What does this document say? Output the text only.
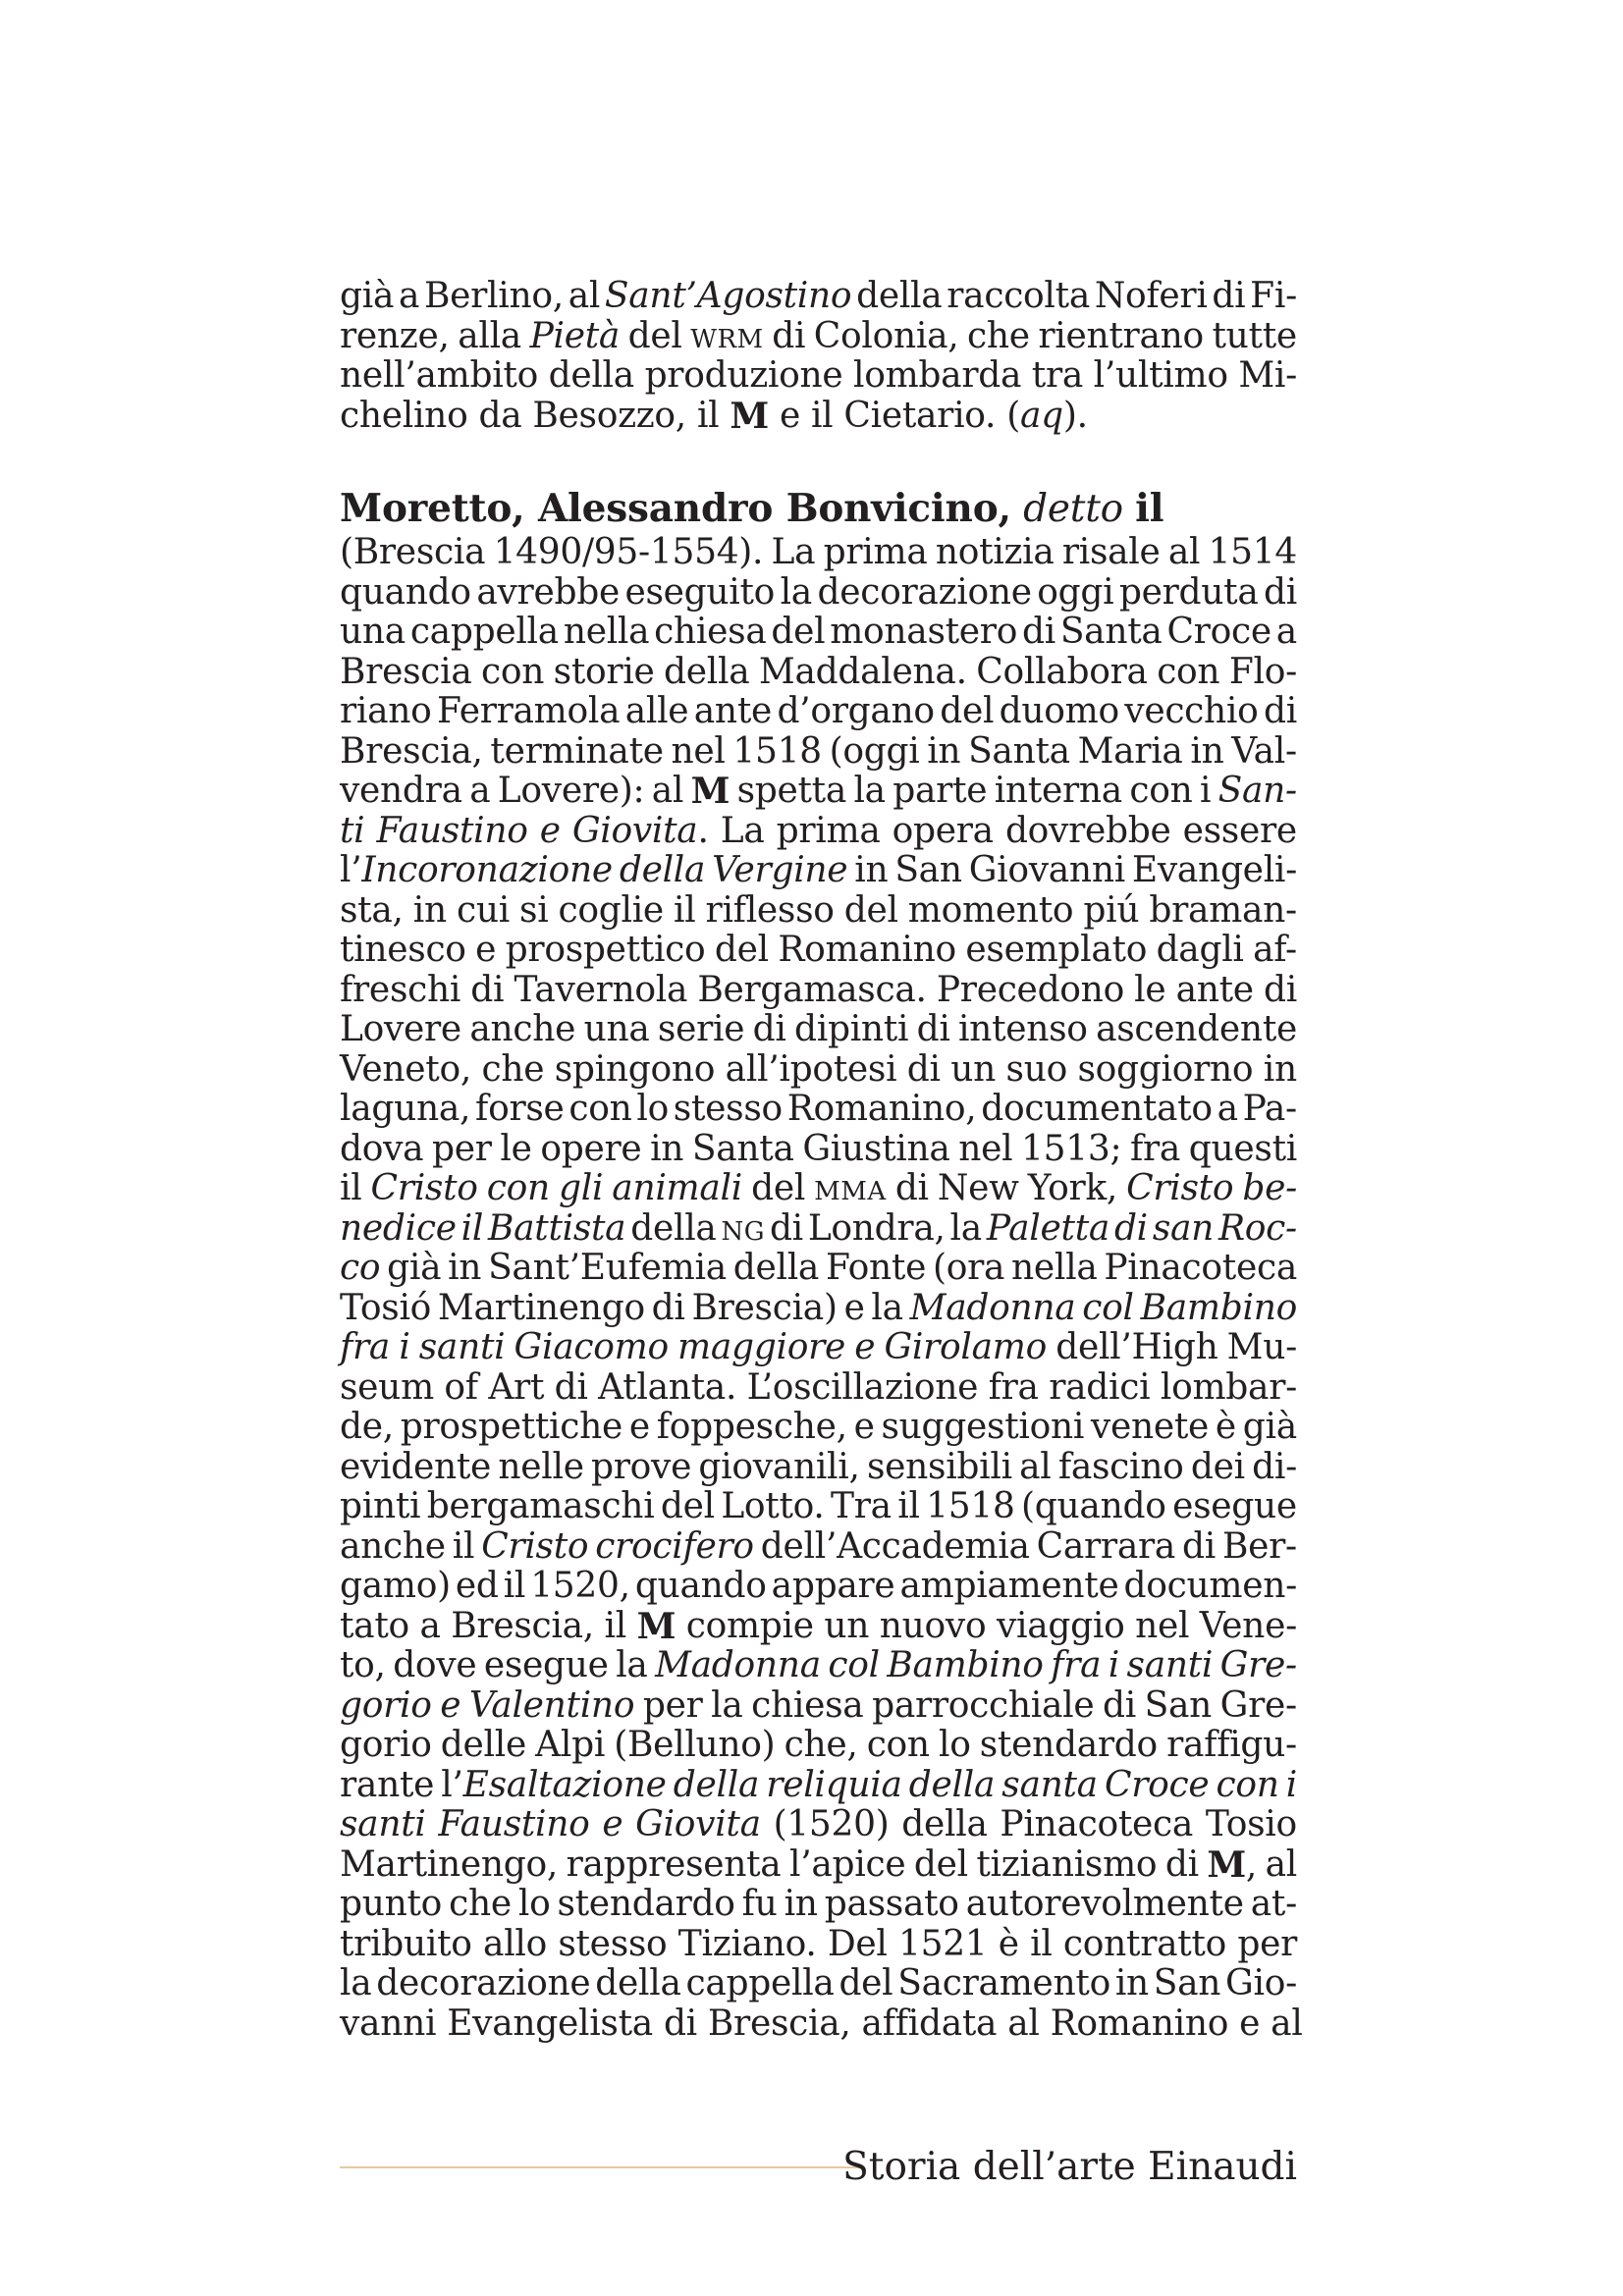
già a Berlino, al Sant’Agostino della raccolta Noferi di Fi-
renze, alla Pietà del WRM di Colonia, che rientrano tutte
nell’ambito della produzione lombarda tra l’ultimo Mi-
chelino da Besozzo, il M e il Cietario. (aq).
Moretto, Alessandro Bonvicino, detto il
(Brescia 1490/95-1554). La prima notizia risale al 1514
quando avrebbe eseguito la decorazione oggi perduta di
una cappella nella chiesa del monastero di Santa Croce a
Brescia con storie della Maddalena. Collabora con Flo-
riano Ferramola alle ante d’organo del duomo vecchio di
Brescia, terminate nel 1518 (oggi in Santa Maria in Val-
vendra a Lovere): al M spetta la parte interna con i San-
ti Faustino e Giovita. La prima opera dovrebbe essere
l’Incoronazione della Vergine in San Giovanni Evangeli-
sta, in cui si coglie il riflesso del momento piú braman-
tinesco e prospettico del Romanino esemplato dagli af-
freschi di Tavernola Bergamasca. Precedono le ante di
Lovere anche una serie di dipinti di intenso ascendente
Veneto, che spingono all’ipotesi di un suo soggiorno in
laguna, forse con lo stesso Romanino, documentato a Pa-
dova per le opere in Santa Giustina nel 1513; fra questi
il Cristo con gli animali del MMA di New York, Cristo be-
nedice il Battista della NG di Londra, la Paletta di san Roc-
co già in Sant’Eufemia della Fonte (ora nella Pinacoteca
Tosió Martinengo di Brescia) e la Madonna col Bambino
fra i santi Giacomo maggiore e Girolamo dell’High Mu-
seum of Art di Atlanta. L’oscillazione fra radici lombar-
de, prospettiche e foppesche, e suggestioni venete è già
evidente nelle prove giovanili, sensibili al fascino dei di-
pinti bergamaschi del Lotto. Tra il 1518 (quando esegue
anche il Cristo crocifero dell’Accademia Carrara di Ber-
gamo) ed il 1520, quando appare ampiamente documen-
tato a Brescia, il M compie un nuovo viaggio nel Vene-
to, dove esegue la Madonna col Bambino fra i santi Gre-
gorio e Valentino per la chiesa parrocchiale di San Gre-
gorio delle Alpi (Belluno) che, con lo stendardo raffigu-
rante l’Esaltazione della reliquia della santa Croce con i
santi Faustino e Giovita (1520) della Pinacoteca Tosio
Martinengo, rappresenta l’apice del tizianismo di M, al
punto che lo stendardo fu in passato autorevolmente at-
tribuito allo stesso Tiziano. Del 1521 è il contratto per
la decorazione della cappella del Sacramento in San Gio-
vanni Evangelista di Brescia, affidata al Romanino e al
Storia dell’arte Einaudi
